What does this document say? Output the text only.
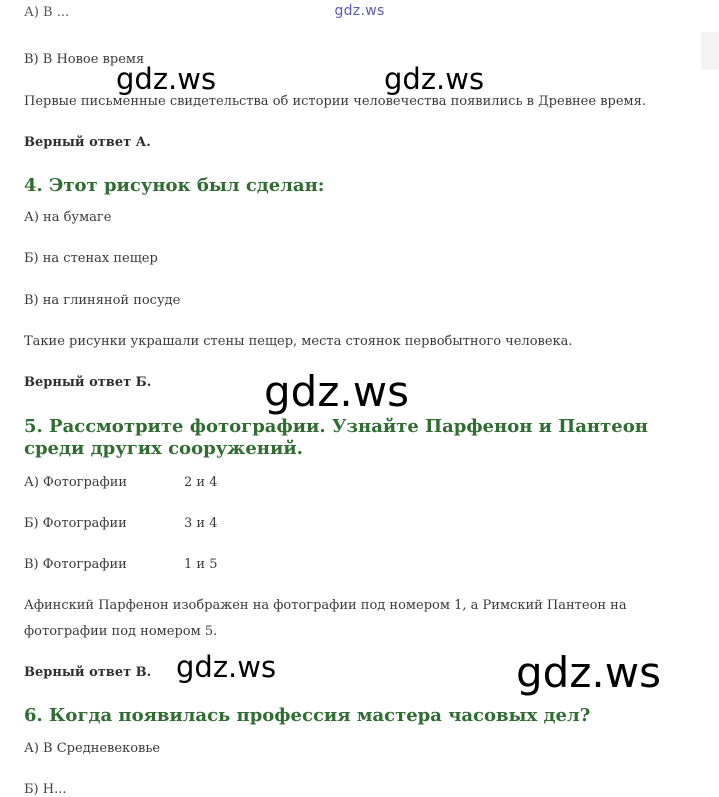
gdz.ws
А) В ...
В) В Новое время
Первые письменные свидетельства об истории человечества появились в Древнее время.
Верный ответ А.
4. Этот рисунок был сделан:
А) на бумаге
Б) на стенах пещер
В) на глиняной посуде
Такие рисунки украшали стены пещер, места стоянок первобытного человека.
Верный ответ Б.
5. Рассмотрите фотографии. Узнайте Парфенон и Пантеон среди других сооружений.
А) Фотографии	2 и 4
Б) Фотографии	3 и 4
В) Фотографии	1 и 5
Афинский Парфенон изображен на фотографии под номером 1, а Римский Пантеон на фотографии под номером 5.
Верный ответ В.
6. Когда появилась профессия мастера часовых дел?
А) В Средневековье
Б) Н...
gdz.ws	gdz.ws
gdz.ws
gdz.ws	gdz.ws
